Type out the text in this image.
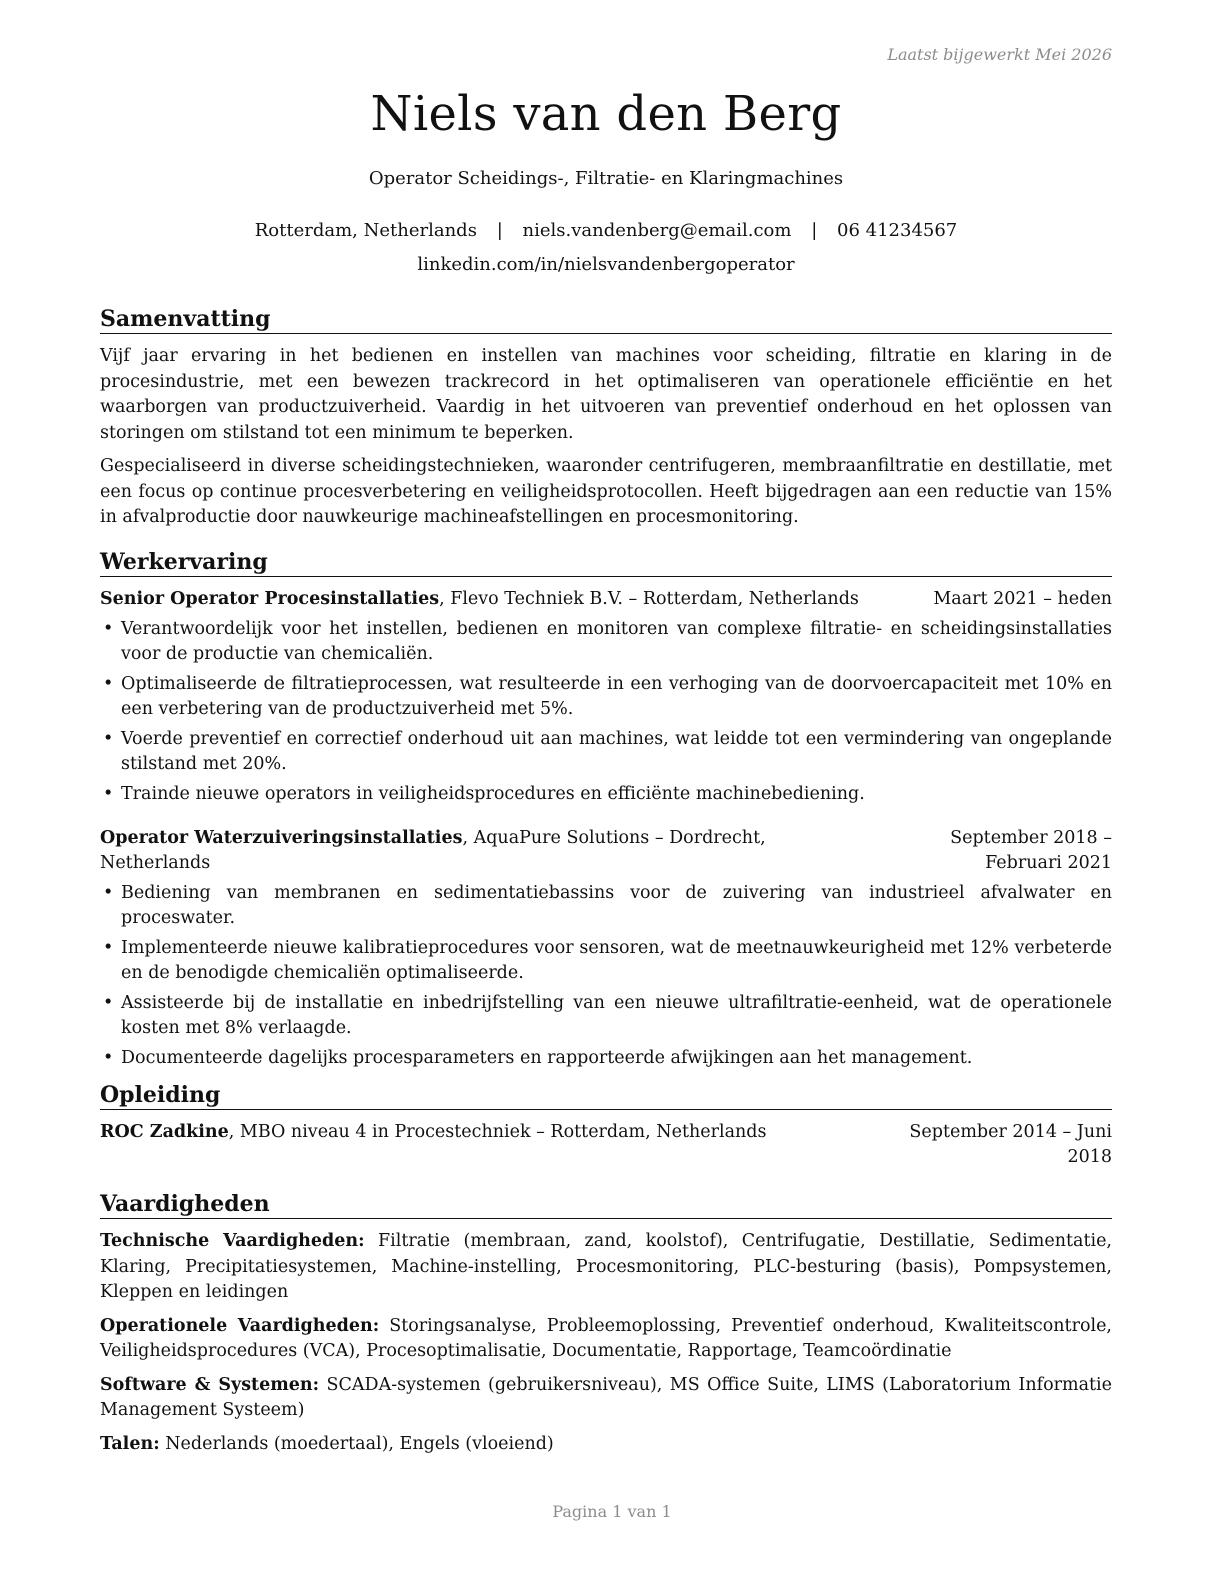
Laatst bijgewerkt Mei 2026
Niels van den Berg
Operator Scheidings-, Filtratie- en Klaringmachines
Rotterdam, Netherlands | niels.vandenberg@email.com | 06 41234567
linkedin.com/in/nielsvandenbergoperator
Samenvatting

Vijf jaar ervaring in het bedienen en instellen van machines voor scheiding, filtratie en klaring in de procesindustrie, met een bewezen trackrecord in het optimaliseren van operationele efficiëntie en het waarborgen van productzuiverheid. Vaardig in het uitvoeren van preventief onderhoud en het oplossen van storingen om stilstand tot een minimum te beperken.

Gespecialiseerd in diverse scheidingstechnieken, waaronder centrifugeren, membraanfiltratie en destillatie, met een focus op continue procesverbetering en veiligheidsprotocollen. Heeft bijgedragen aan een reductie van 15% in afvalproductie door nauwkeurige machineafstellingen en procesmonitoring.

Werkervaring
Senior Operator Procesinstallaties, Flevo Techniek B.V. – Rotterdam, Netherlands	Maart 2021 – heden
• Verantwoordelijk voor het instellen, bedienen en monitoren van complexe filtratie- en scheidingsinstallaties voor de productie van chemicaliën.
• Optimaliseerde de filtratieprocessen, wat resulteerde in een verhoging van de doorvoercapaciteit met 10% en een verbetering van de productzuiverheid met 5%.
• Voerde preventief en correctief onderhoud uit aan machines, wat leidde tot een vermindering van ongeplande stilstand met 20%.
• Trainde nieuwe operators in veiligheidsprocedures en efficiënte machinebediening.
Operator Waterzuiveringsinstallaties, AquaPure Solutions – Dordrecht, Netherlands
September 2018 – Februari 2021
• Bediening van membranen en sedimentatiebassins voor de zuivering van industrieel afvalwater en proceswater.
• Implementeerde nieuwe kalibratieprocedures voor sensoren, wat de meetnauwkeurigheid met 12% verbeterde en de benodigde chemicaliën optimaliseerde.
• Assisteerde bij de installatie en inbedrijfstelling van een nieuwe ultrafiltratie-eenheid, wat de operationele kosten met 8% verlaagde.
• Documenteerde dagelijks procesparameters en rapporteerde afwijkingen aan het management.
Opleiding
ROC Zadkine, MBO niveau 4 in Procestechniek – Rotterdam, Netherlands	September 2014 – Juni 2018
Vaardigheden

Technische Vaardigheden: Filtratie (membraan, zand, koolstof), Centrifugatie, Destillatie, Sedimentatie, Klaring, Precipitatiesystemen, Machine-instelling, Procesmonitoring, PLC-besturing (basis), Pompsystemen, Kleppen en leidingen

Operationele Vaardigheden: Storingsanalyse, Probleemoplossing, Preventief onderhoud, Kwaliteitscontrole, Veiligheidsprocedures (VCA), Procesoptimalisatie, Documentatie, Rapportage, Teamcoördinatie

Software & Systemen: SCADA-systemen (gebruikersniveau), MS Office Suite, LIMS (Laboratorium Informatie Management Systeem)

Talen: Nederlands (moedertaal), Engels (vloeiend)

Pagina 1 van 1
